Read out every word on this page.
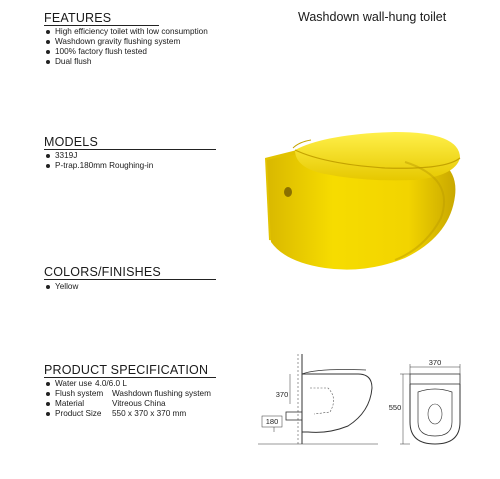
Washdown wall-hung toilet
FEATURES
High efficiency toilet with low consumption
Washdown gravity flushing system
100% factory flush tested
Dual flush
MODELS
3319J
P-trap.180mm Roughing-in
COLORS/FINISHES
Yellow
PRODUCT SPECIFICATION
Water use 4.0/6.0 L
Flush system	Washdown flushing system
Material	Vitreous China
Product Size	550 x 370 x 370 mm
370
180
370
550
